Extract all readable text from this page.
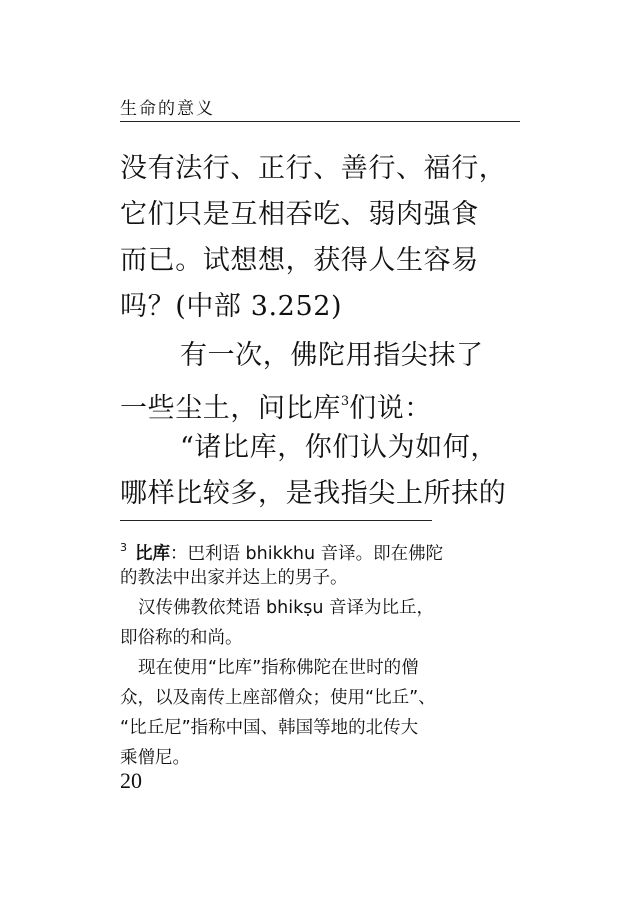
生命的意义
没有法行、正行、善行、福行，
它们只是互相吞吃、弱肉强食
而已。试想想，获得人生容易
吗？(中部 3.252)
有一次，佛陀用指尖抹了
一些尘土，问比库$^3$们说：
“诸比库，你们认为如何，
哪样比较多，是我指尖上所抹的
$^3$ 比库：巴利语 bhikkhu 音译。即在佛陀
的教法中出家并达上的男子。
汉传佛教依梵语 bhikṣu 音译为比丘，
即俗称的和尚。
现在使用“比库”指称佛陀在世时的僧
众，以及南传上座部僧众；使用“比丘”、
“比丘尼”指称中国、韩国等地的北传大
乘僧尼。
20
